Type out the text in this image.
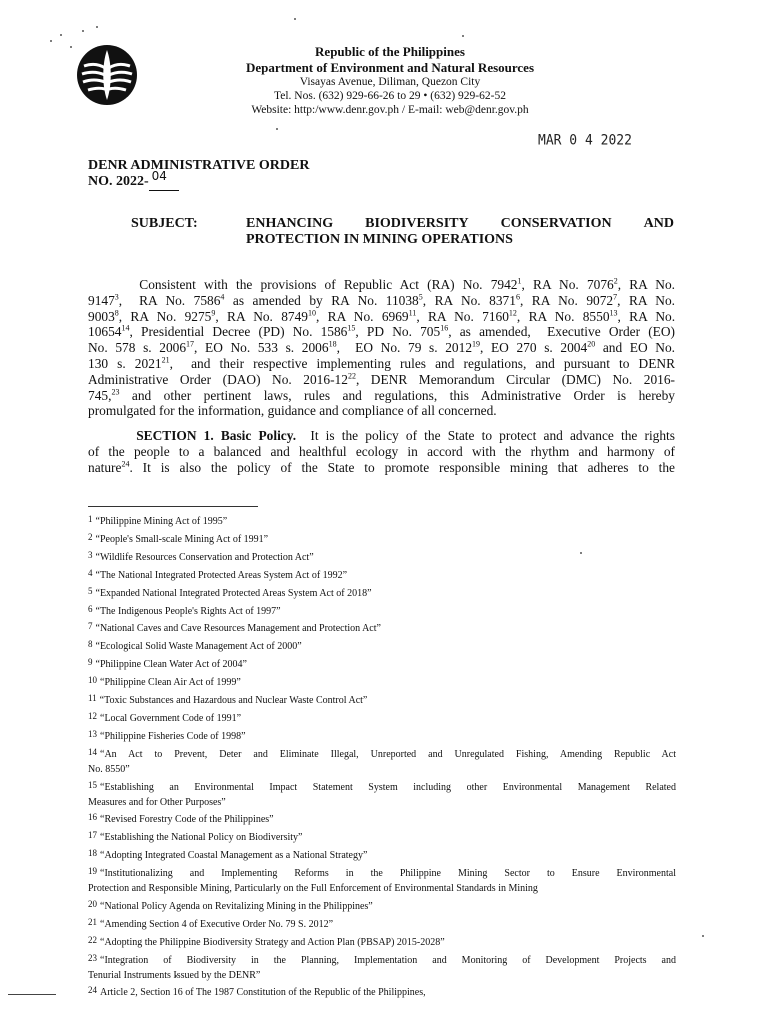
Republic of the Philippines
Department of Environment and Natural Resources
Visayas Avenue, Diliman, Quezon City
Tel. Nos. (632) 929-66-26 to 29 • (632) 929-62-52
Website: http:/www.denr.gov.ph / E-mail: web@denr.gov.ph
MAR 0 4 2022
DENR ADMINISTRATIVE ORDER
NO. 2022- 04

SUBJECT:	ENHANCING BIODIVERSITY CONSERVATION AND
PROTECTION IN MINING OPERATIONS
     Consistent with the provisions of Republic Act (RA) No. 7942$^1$, RA No. 7076$^2$, RA No.
9147$^3$,  RA No. 7586$^4$ as amended by RA No. 11038$^5$, RA No. 8371$^6$, RA No. 9072$^7$, RA No.
9003$^8$, RA No. 9275$^9$, RA No. 8749$^{10}$, RA No. 6969$^{11}$, RA No. 7160$^{12}$, RA No. 8550$^{13}$, RA No.
10654$^{14}$, Presidential Decree (PD) No. 1586$^{15}$, PD No. $705^{16}$, as amended,  Executive Order (EO)
No. 578 s. 2006$^{17}$, EO No. 533 s. 2006$^{18}$,  EO No. 79 s. 2012$^{19}$, EO 270 s. 2004$^{20}$ and EO No.
130 s. 2021$^{21}$,  and their respective implementing rules and regulations, and pursuant to DENR
Administrative Order (DAO) No. $2016-12^{22}$, DENR Memorandum Circular (DMC) No. 2016-
745,23 and other pertinent laws, rules and regulations, this Administrative Order is hereby
promulgated for the information, guidance and compliance of all concerned.
     SECTION 1. Basic Policy. It is the policy of the State to protect and advance the rights
of the people to a balanced and healthful ecology in accord with the rhythm and harmony of
nature$^{24}$. It is also the policy of the State to promote responsible mining that adheres to the
1 “Philippine Mining Act of 1995”
2 “People's Small-scale Mining Act of 1991”
3 “Wildlife Resources Conservation and Protection Act”
4 “The National Integrated Protected Areas System Act of 1992”
5 “Expanded National Integrated Protected Areas System Act of 2018”
6 “The Indigenous People's Rights Act of 1997”
7 “National Caves and Cave Resources Management and Protection Act”
8 “Ecological Solid Waste Management Act of 2000”
9 “Philippine Clean Water Act of 2004”
10 “Philippine Clean Air Act of 1999”
11 “Toxic Substances and Hazardous and Nuclear Waste Control Act”
12 “Local Government Code of 1991”
13 “Philippine Fisheries Code of 1998”
14 “An Act to Prevent, Deter and Eliminate Illegal, Unreported and Unregulated Fishing, Amending Republic Act
No. 8550”
15 “Establishing an Environmental Impact Statement System including other Environmental Management Related
Measures and for Other Purposes”
16 “Revised Forestry Code of the Philippines”
17 “Establishing the National Policy on Biodiversity”
18 “Adopting Integrated Coastal Management as a National Strategy”
19 “Institutionalizing and Implementing Reforms in the Philippine Mining Sector to Ensure Environmental
Protection and Responsible Mining, Particularly on the Full Enforcement of Environmental Standards in Mining
20 “National Policy Agenda on Revitalizing Mining in the Philippines”
21 “Amending Section 4 of Executive Order No. 79 S. 2012”
22 “Adopting the Philippine Biodiversity Strategy and Action Plan (PBSAP) 2015-2028”
23 “Integration of Biodiversity in the Planning, Implementation and Monitoring of Development Projects and
Tenurial Instruments Issued by the DENR”
24 Article 2, Section 16 of The 1987 Constitution of the Republic of the Philippines,
